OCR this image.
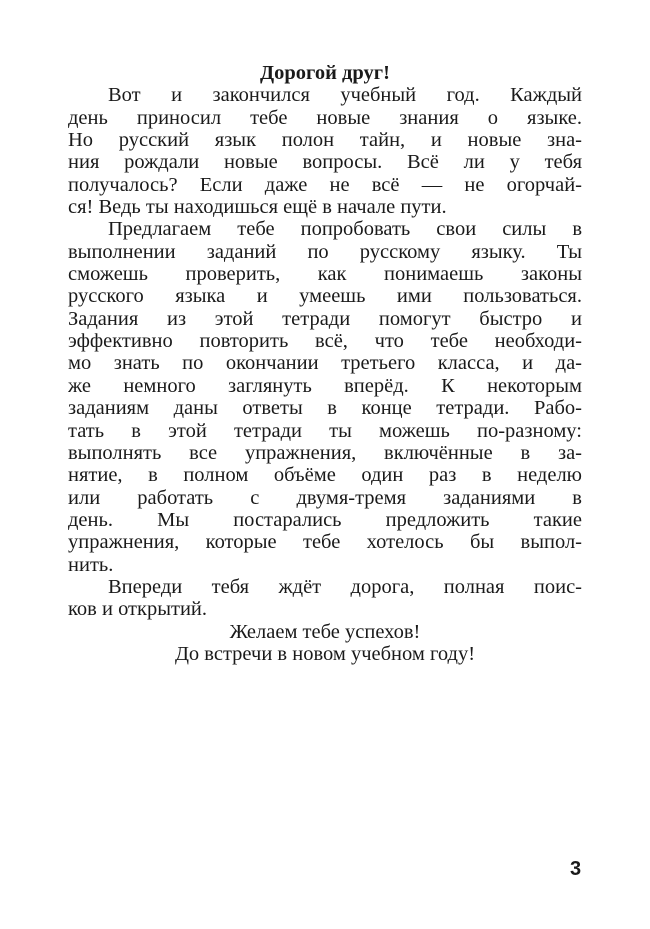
Дорогой друг!
Вот и закончился учебный год. Каждый
день приносил тебе новые знания о языке.
Но русский язык полон тайн, и новые зна-
ния рождали новые вопросы. Всё ли у тебя
получалось? Если даже не всё — не огорчай-
ся! Ведь ты находишься ещё в начале пути.
Предлагаем тебе попробовать свои силы в
выполнении заданий по русскому языку. Ты
сможешь проверить, как понимаешь законы
русского языка и умеешь ими пользоваться.
Задания из этой тетради помогут быстро и
эффективно повторить всё, что тебе необходи-
мо знать по окончании третьего класса, и да-
же немного заглянуть вперёд. К некоторым
заданиям даны ответы в конце тетради. Рабо-
тать в этой тетради ты можешь по-разному:
выполнять все упражнения, включённые в за-
нятие, в полном объёме один раз в неделю
или работать с двумя-тремя заданиями в
день. Мы постарались предложить такие
упражнения, которые тебе хотелось бы выпол-
нить.
Впереди тебя ждёт дорога, полная поис-
ков и открытий.
Желаем тебе успехов!
До встречи в новом учебном году!
3
